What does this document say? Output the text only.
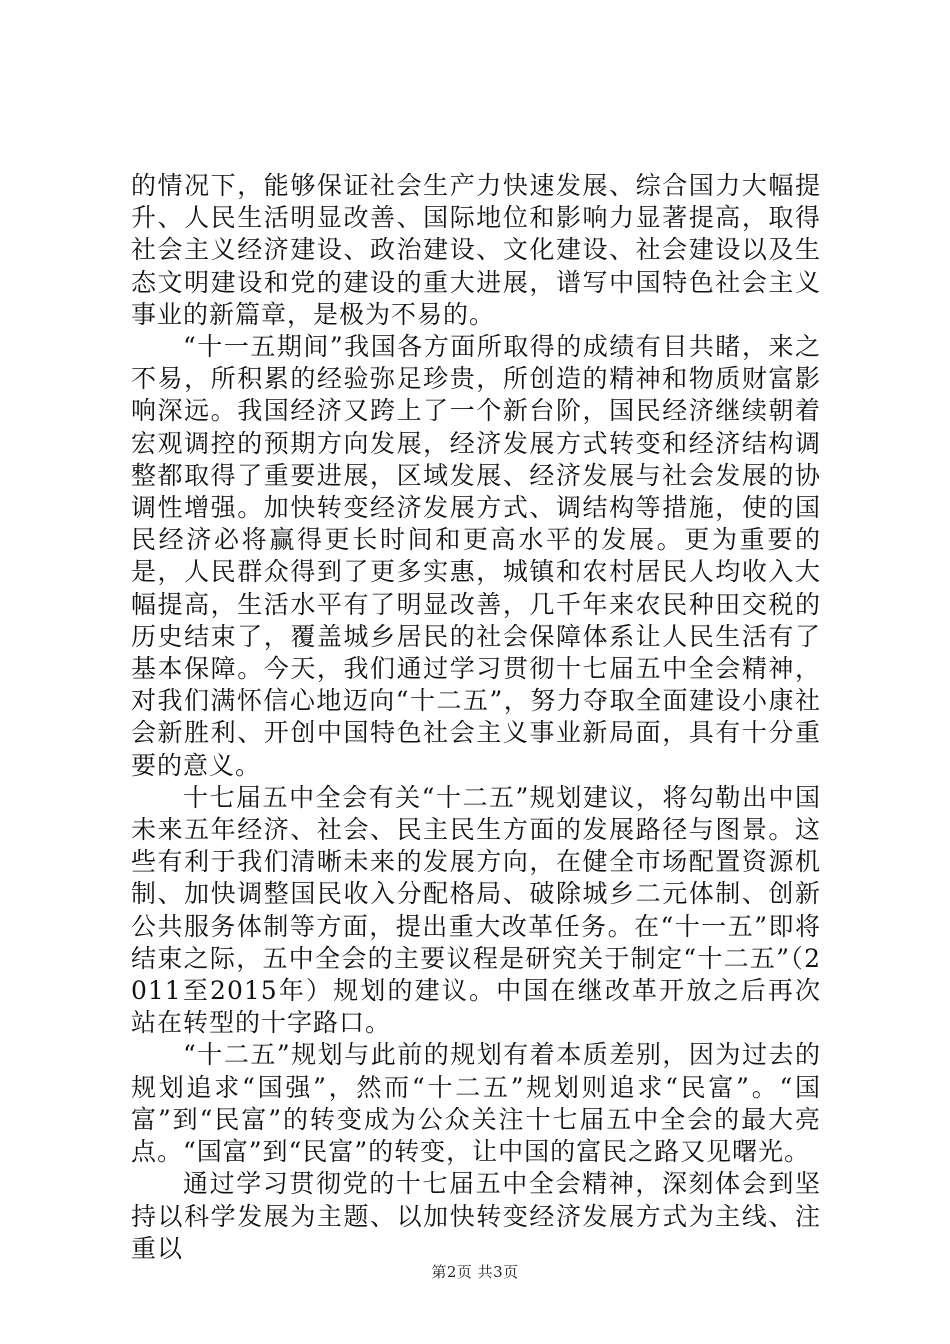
的情况下，能够保证社会生产力快速发展、综合国力大幅提升、人民生活明显改善、国际地位和影响力显著提高，取得社会主义经济建设、政治建设、文化建设、社会建设以及生态文明建设和党的建设的重大进展，谱写中国特色社会主义事业的新篇章，是极为不易的。

“十一五期间”我国各方面所取得的成绩有目共睹，来之不易，所积累的经验弥足珍贵，所创造的精神和物质财富影响深远。我国经济又跨上了一个新台阶，国民经济继续朝着宏观调控的预期方向发展，经济发展方式转变和经济结构调整都取得了重要进展，区域发展、经济发展与社会发展的协调性增强。加快转变经济发展方式、调结构等措施，使的国民经济必将赢得更长时间和更高水平的发展。更为重要的是，人民群众得到了更多实惠，城镇和农村居民人均收入大幅提高，生活水平有了明显改善，几千年来农民种田交税的历史结束了，覆盖城乡居民的社会保障体系让人民生活有了基本保障。今天，我们通过学习贯彻十七届五中全会精神，对我们满怀信心地迈向“十二五”，努力夺取全面建设小康社会新胜利、开创中国特色社会主义事业新局面，具有十分重要的意义。

十七届五中全会有关“十二五”规划建议，将勾勒出中国未来五年经济、社会、民主民生方面的发展路径与图景。这些有利于我们清晰未来的发展方向，在健全市场配置资源机制、加快调整国民收入分配格局、破除城乡二元体制、创新公共服务体制等方面，提出重大改革任务。在“十一五”即将结束之际，五中全会的主要议程是研究关于制定“十二五”（2011至2015年）规划的建议。中国在继改革开放之后再次站在转型的十字路口。

“十二五”规划与此前的规划有着本质差别，因为过去的规划追求“国强”，然而“十二五”规划则追求“民富”。“国富”到“民富”的转变成为公众关注十七届五中全会的最大亮点。“国富”到“民富”的转变，让中国的富民之路又见曙光。

通过学习贯彻党的十七届五中全会精神，深刻体会到坚持以科学发展为主题、以加快转变经济发展方式为主线、注重以

第2页 共3页
